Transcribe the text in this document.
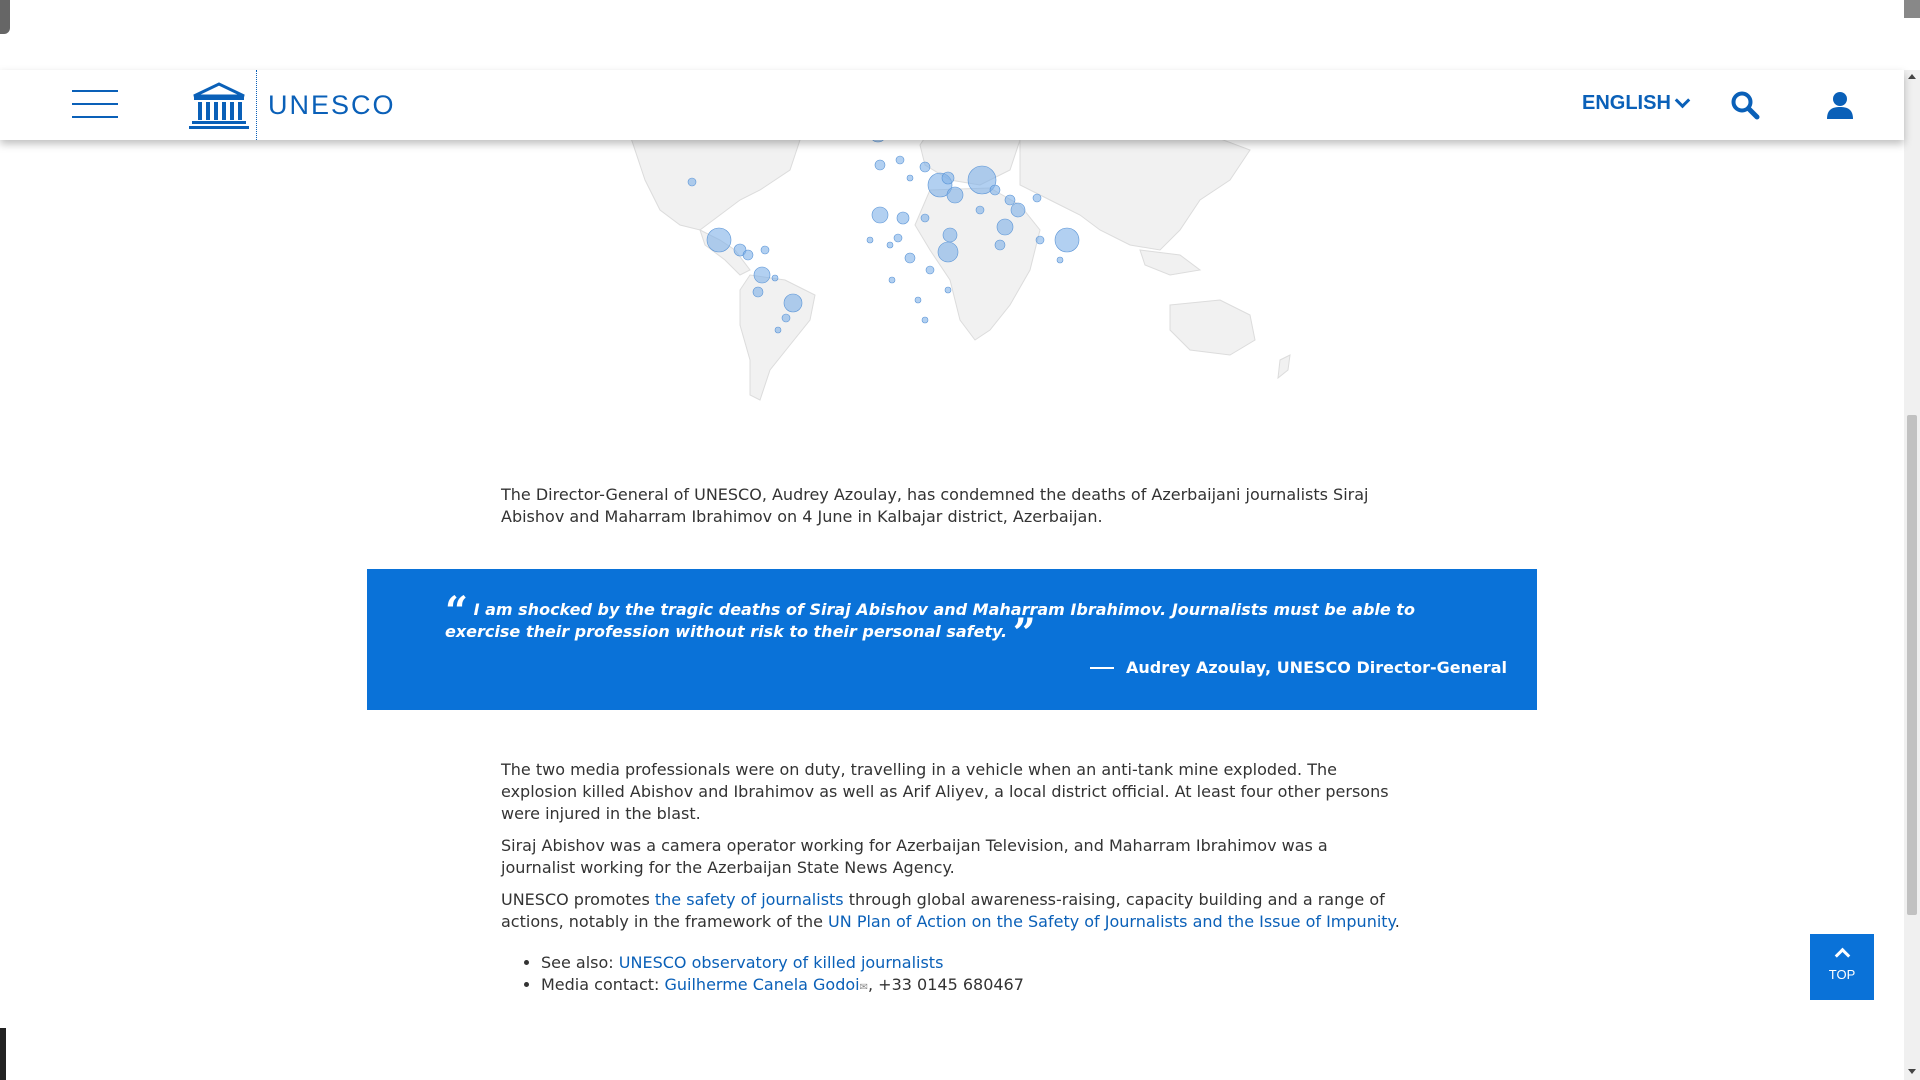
UNESCO	ENGLISH

The Director-General of UNESCO, Audrey Azoulay, has condemned the deaths of Azerbaijani journalists Siraj Abishov and Maharram Ibrahimov on 4 June in Kalbajar district, Azerbaijan.

“ I am shocked by the tragic deaths of Siraj Abishov and Maharram Ibrahimov. Journalists must be able to exercise their profession without risk to their personal safety. ”
Audrey Azoulay, UNESCO Director-General

The two media professionals were on duty, travelling in a vehicle when an anti-tank mine exploded. The explosion killed Abishov and Ibrahimov as well as Arif Aliyev, a local district official. At least four other persons were injured in the blast.

Siraj Abishov was a camera operator working for Azerbaijan Television, and Maharram Ibrahimov was a journalist working for the Azerbaijan State News Agency.

UNESCO promotes the safety of journalists through global awareness-raising, capacity building and a range of actions, notably in the framework of the UN Plan of Action on the Safety of Journalists and the Issue of Impunity.

• See also: UNESCO observatory of killed journalists
• Media contact: Guilherme Canela Godoi✉, +33 0145 680467
TOP
